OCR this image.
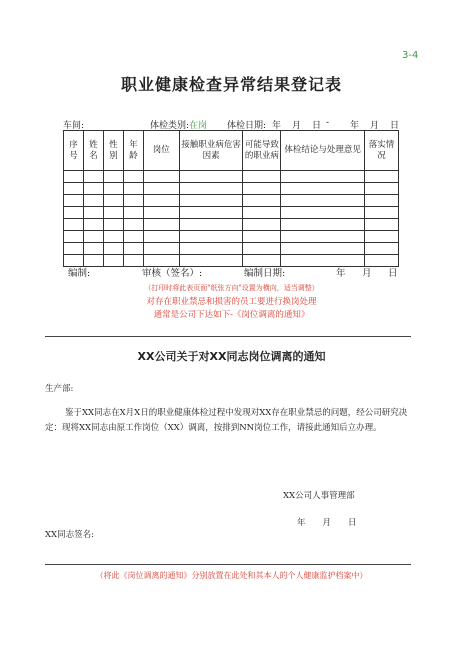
3-4
职业健康检查异常结果登记表
车间:	体检类别:在岗 体检日期: 年 月 日 - 年 月 日
序号	姓名	性别	年龄	岗位	接触职业病危害因素	可能导致的职业病	体检结论与处理意见	落实情况

编制:	审核（签名）:	编制日期:	年 月 日
（打印时将此表页面"纸张方向"设置为横向，适当调整）
对存在职业禁忌和损害的员工要进行换岗处理
通常是公司下达如下-《岗位调离的通知》
XX公司关于对XX同志岗位调离的通知
生产部:
鉴于XX同志在X月X日的职业健康体检过程中发现对XX存在职业禁忌的问题，经公司研究决定：现将XX同志由原工作岗位（XX）调离，按排到NN岗位工作，请接此通知后立办理。
XX公司人事管理部
年　　月　　日
XX同志签名:
（将此《岗位调离的通知》分别放置在此处和其本人的个人健康监护档案中）
